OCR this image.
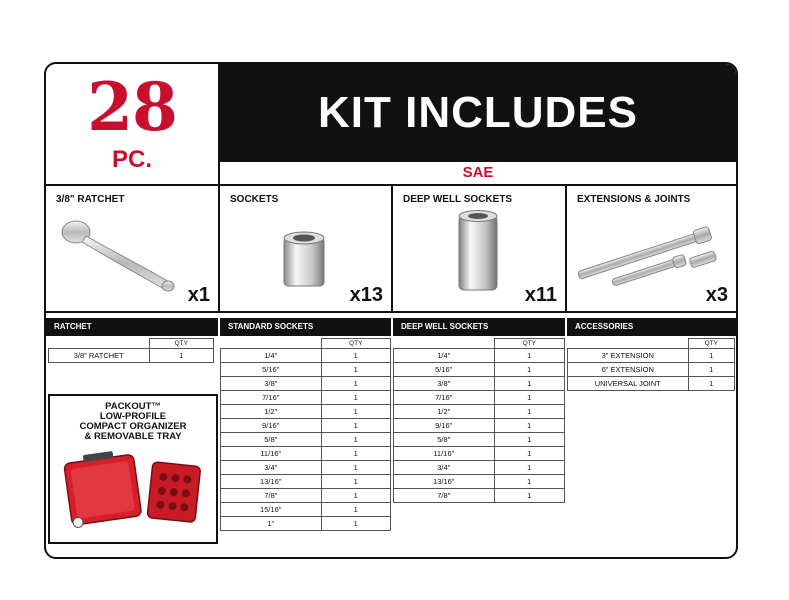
28
PC.
KIT INCLUDES
SAE
3/8" RATCHET
x1
SOCKETS
x13
DEEP WELL SOCKETS
x11
EXTENSIONS & JOINTS
x3
RATCHET	STANDARD SOCKETS	DEEP WELL SOCKETS	ACCESSORIES
	QTY
3/8" RATCHET	1
	QTY
1/4"	1
5/16"	1
3/8"	1
7/16"	1
1/2"	1
9/16"	1
5/8"	1
11/16"	1
3/4"	1
13/16"	1
7/8"	1
15/16"	1
1"	1
	QTY
1/4"	1
5/16"	1
3/8"	1
7/16"	1
1/2"	1
9/16"	1
5/8"	1
11/16"	1
3/4"	1
13/16"	1
7/8"	1
	QTY
3" EXTENSION	1
6" EXTENSION	1
UNIVERSAL JOINT	1
PACKOUT™
LOW-PROFILE
COMPACT ORGANIZER
& REMOVABLE TRAY
